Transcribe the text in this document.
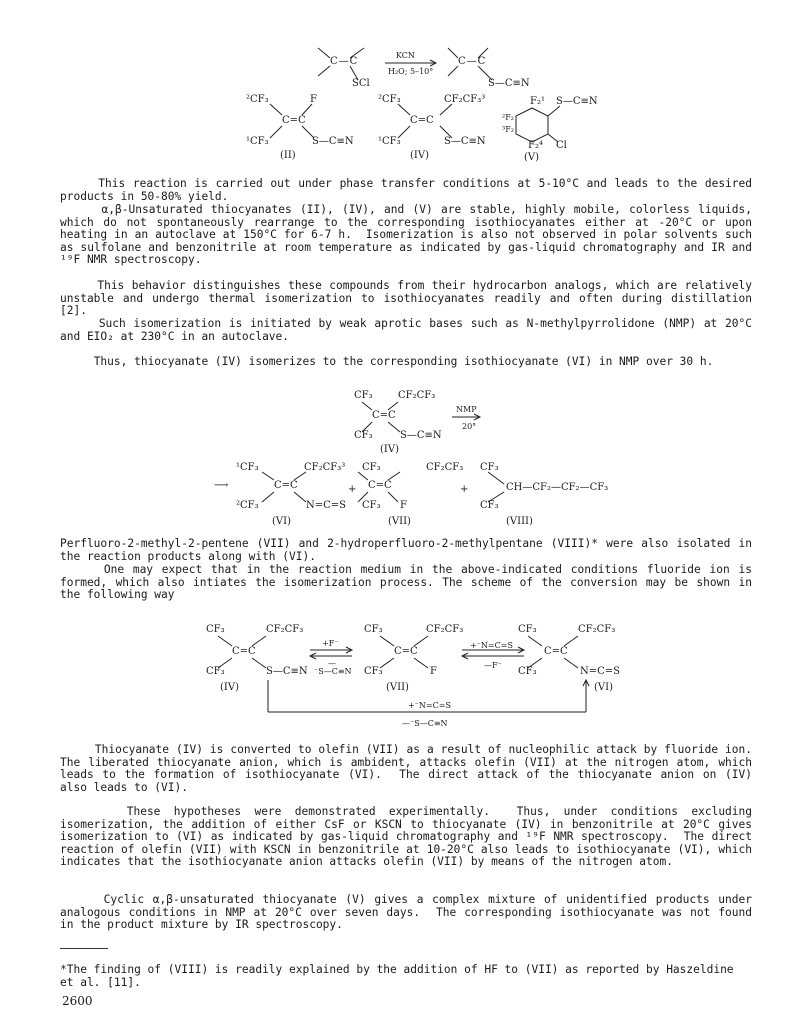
C — C
KCN
H₂O; 5–10°
SCl
C — C
S—C≡N
²CF₃	F
C=C
¹CF₃	S—C≡N
(II)
²CF₃	CF₂CF₃³
C=C
¹CF₃	S—C≡N
(IV)
F₂¹ S—C≡N
²F₂
³F₂
F₂⁴ Cl
(V)

This reaction is carried out under phase transfer conditions at 5-10°C and leads to the desired products in 50-80% yield.

α,β-Unsaturated thiocyanates (II), (IV), and (V) are stable, highly mobile, colorless liquids, which do not spontaneously rearrange to the corresponding isothiocyanates either at -20°C or upon heating in an autoclave at 150°C for 6-7 h.  Isomerization is also not observed in polar solvents such as sulfolane and benzonitrile at room temperature as indicated by gas-liquid chromatography and IR and ¹⁹F NMR spectroscopy.

This behavior distinguishes these compounds from their hydrocarbon analogs, which are relatively unstable and undergo thermal isomerization to isothiocyanates readily and often during distillation [2].

Such isomerization is initiated by weak aprotic bases such as N-methylpyrrolidone (NMP) at 20°C and EIO₂ at 230°C in an autoclave.

Thus, thiocyanate (IV) isomerizes to the corresponding isothiocyanate (VI) in NMP over 30 h.

CF₃	CF₂CF₃
NMP
20°
C=C
CF₃	S—C≡N
(IV)
⟶
¹CF₃	CF₂CF₃³
C=C
²CF₃	N=C=S
(VI)
+
CF₃	CF₂CF₃
C=C
CF₃ F
(VII)
+
CF₃
CH—CF₂—CF₂—CF₃
CF₃
(VIII)

Perfluoro-2-methyl-2-pentene (VII) and 2-hydroperfluoro-2-methylpentane (VIII)* were also isolated in the reaction products along with (VI).

One may expect that in the reaction medium in the above-indicated conditions fluoride ion is formed, which also intiates the isomerization process. The scheme of the conversion may be shown in the following way

CF₃	CF₂CF₃
C=C
CF₃	S—C≡N
(IV)
+F⁻
—
⁻S—C≡N
CF₃	CF₂CF₃
C=C
CF₃	F
(VII)
+⁻N=C=S
—F⁻
CF₃	CF₂CF₃
C=C
CF₃	N=C=S
(VI)
+⁻N=C=S
—⁻S—C≡N

Thiocyanate (IV) is converted to olefin (VII) as a result of nucleophilic attack by fluoride ion.  The liberated thiocyanate anion, which is ambident, attacks olefin (VII) at the nitrogen atom, which leads to the formation of isothiocyanate (VI).  The direct attack of the thiocyanate anion on (IV) also leads to (VI).

These hypotheses were demonstrated experimentally.  Thus, under conditions excluding isomerization, the addition of either CsF or KSCN to thiocyanate (IV) in benzonitrile at 20°C gives isomerization to (VI) as indicated by gas-liquid chromatography and ¹⁹F NMR spectroscopy.  The direct reaction of olefin (VII) with KSCN in benzonitrile at 10-20°C also leads to isothiocyanate (VI), which indicates that the isothiocyanate anion attacks olefin (VII) by means of the nitrogen atom.

Cyclic α,β-unsaturated thiocyanate (V) gives a complex mixture of unidentified products under analogous conditions in NMP at 20°C over seven days.  The corresponding isothiocyanate was not found in the product mixture by IR spectroscopy.

*The finding of (VIII) is readily explained by the addition of HF to (VII) as reported by Haszeldine et al. [11].

2600
